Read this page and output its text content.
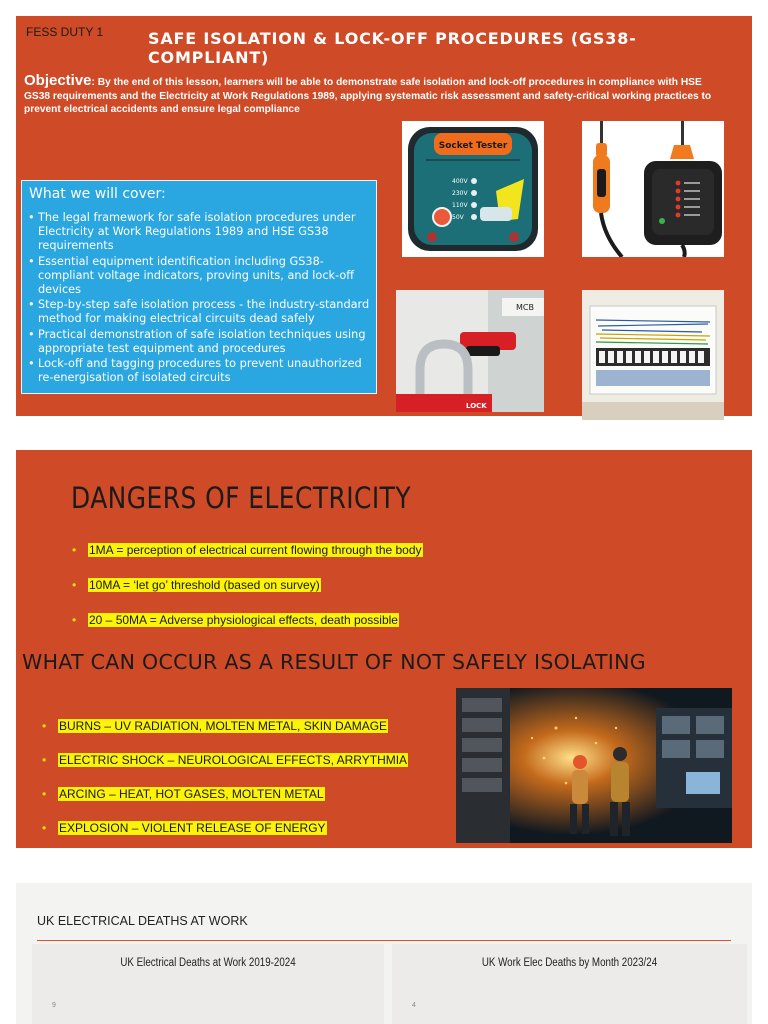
FESS DUTY 1	SAFE ISOLATION & LOCK-OFF PROCEDURES (GS38-COMPLIANT)
Objective: By the end of this lesson, learners will be able to demonstrate safe isolation and lock-off procedures in compliance with HSE GS38 requirements and the Electricity at Work Regulations 1989, applying systematic risk assessment and safety-critical working practices to prevent electrical accidents and ensure legal compliance
What we will cover:
• The legal framework for safe isolation procedures under Electricity at Work Regulations 1989 and HSE GS38 requirements
• Essential equipment identification including GS38-compliant voltage indicators, proving units, and lock-off devices
• Step-by-step safe isolation process - the industry-standard method for making electrical circuits dead safely
• Practical demonstration of safe isolation techniques using appropriate test equipment and procedures
• Lock-off and tagging procedures to prevent unauthorized re-energisation of isolated circuits
Socket Tester
400V
230V
110V
50V
MCB
LOCK
DANGERS OF ELECTRICITY
• 1MA = perception of electrical current flowing through the body
• 10MA = ‘let go’ threshold (based on survey)
• 20 – 50MA = Adverse physiological effects, death possible
WHAT CAN OCCUR AS A RESULT OF NOT SAFELY ISOLATING
• BURNS – UV RADIATION, MOLTEN METAL, SKIN DAMAGE
• ELECTRIC SHOCK – NEUROLOGICAL EFFECTS, ARRYTHMIA
• ARCING – HEAT, HOT GASES, MOLTEN METAL
• EXPLOSION – VIOLENT RELEASE OF ENERGY
UK ELECTRICAL DEATHS AT WORK
UK Electrical Deaths at Work 2019-2024
9
UK Work Elec Deaths by Month 2023/24
4
